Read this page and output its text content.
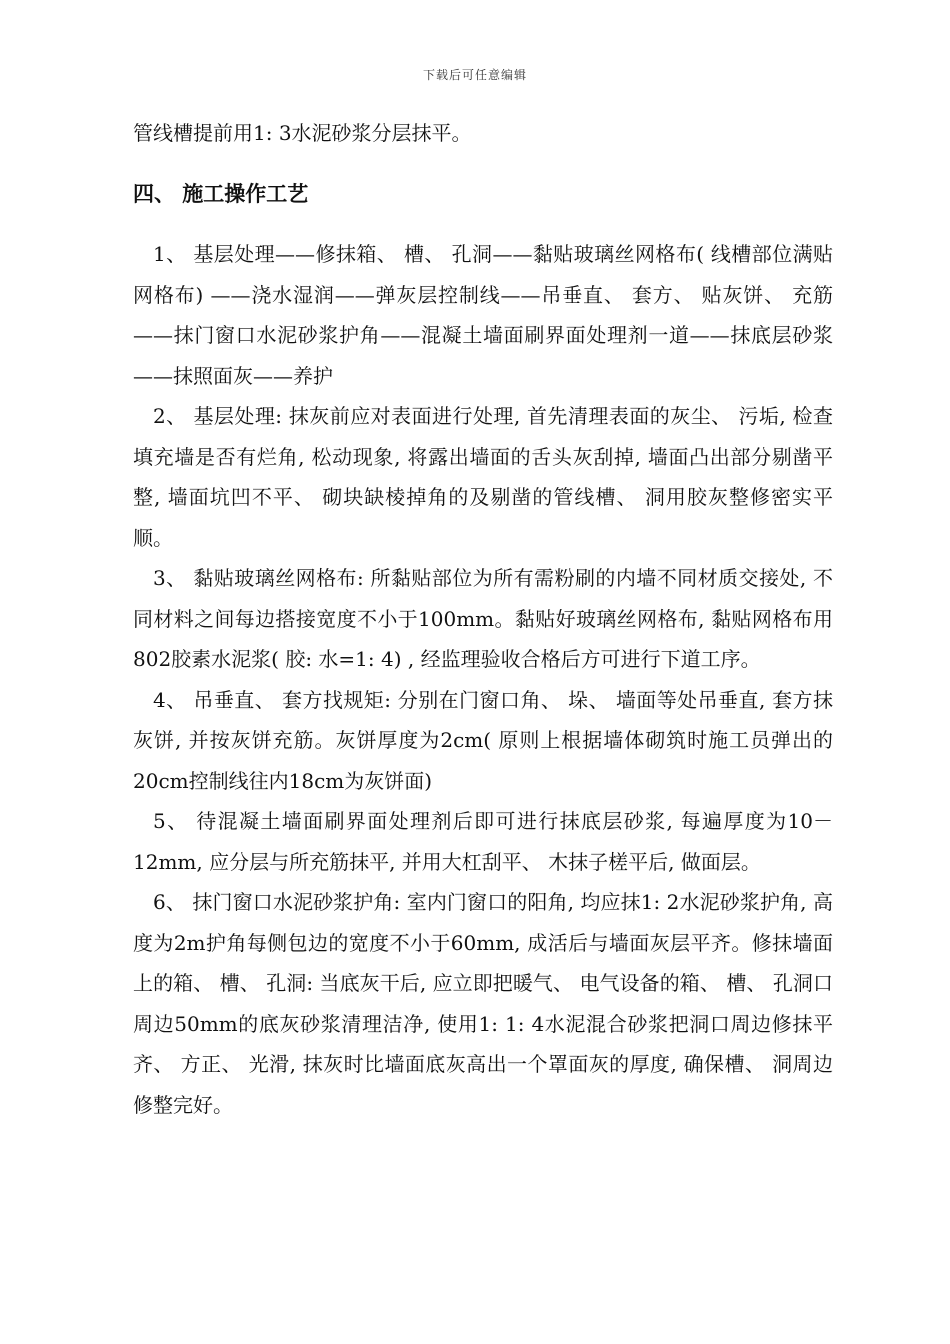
下载后可任意编辑

管线槽提前用1: 3水泥砂浆分层抹平。

四、 施工操作工艺

1、 基层处理——修抹箱、 槽、 孔洞——黏贴玻璃丝网格布( 线槽部位满贴网格布) ——浇水湿润——弹灰层控制线——吊垂直、 套方、 贴灰饼、 充筋——抹门窗口水泥砂浆护角——混凝土墙面刷界面处理剂一道——抹底层砂浆——抹照面灰——养护

2、 基层处理: 抹灰前应对表面进行处理, 首先清理表面的灰尘、 污垢, 检查填充墙是否有烂角, 松动现象, 将露出墙面的舌头灰刮掉, 墙面凸出部分剔凿平整, 墙面坑凹不平、 砌块缺棱掉角的及剔凿的管线槽、 洞用胶灰整修密实平顺。

3、 黏贴玻璃丝网格布: 所黏贴部位为所有需粉刷的内墙不同材质交接处, 不同材料之间每边搭接宽度不小于100mm。黏贴好玻璃丝网格布, 黏贴网格布用802胶素水泥浆( 胶: 水=1: 4) , 经监理验收合格后方可进行下道工序。

4、 吊垂直、 套方找规矩: 分别在门窗口角、 垛、 墙面等处吊垂直, 套方抹灰饼, 并按灰饼充筋。灰饼厚度为2cm( 原则上根据墙体砌筑时施工员弹出的20cm控制线往内18cm为灰饼面)

5、 待混凝土墙面刷界面处理剂后即可进行抹底层砂浆, 每遍厚度为10－12mm, 应分层与所充筋抹平, 并用大杠刮平、 木抹子槎平后, 做面层。

6、 抹门窗口水泥砂浆护角: 室内门窗口的阳角, 均应抹1: 2水泥砂浆护角, 高度为2m护角每侧包边的宽度不小于60mm, 成活后与墙面灰层平齐。修抹墙面上的箱、 槽、 孔洞: 当底灰干后, 应立即把暖气、 电气设备的箱、 槽、 孔洞口周边50mm的底灰砂浆清理洁净, 使用1: 1: 4水泥混合砂浆把洞口周边修抹平齐、 方正、 光滑, 抹灰时比墙面底灰高出一个罩面灰的厚度, 确保槽、 洞周边修整完好。
